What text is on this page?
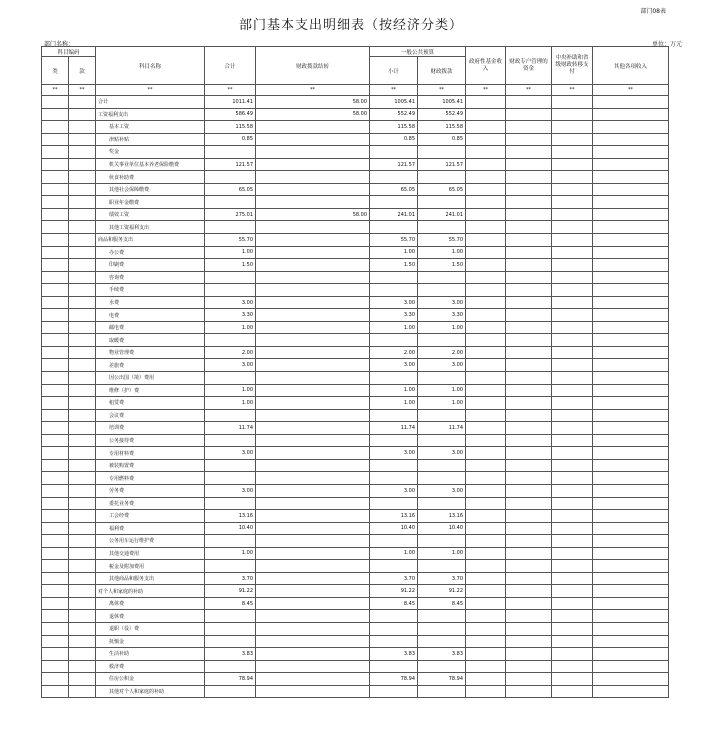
部门08表
部门基本支出明细表（按经济分类）
部门名称：	单位：万元
科目编码		科目名称	合计	财政拨款结转	一般公共预算		政府性基金收入	财政专户管理的资金	中央补助和省级财政转移支付	其他各项收入
类	款				小计	财政拨款				

**	**	**	**	**	**	**	**	**	**	**
		合计	1011.41	58.00	1005.41	1005.41				
		工资福利支出	586.49	58.00	552.49	552.49				
		基本工资	115.58		115.58	115.58				
		津贴补贴	0.85		0.85	0.85				
		奖金								
		机关事业单位基本养老保险缴费	121.57		121.57	121.57				
		伙食补助费								
		其他社会保障缴费	65.05		65.05	65.05				
		职业年金缴费								
		绩效工资	275.01	58.00	241.01	241.01				
		其他工资福利支出								
		商品和服务支出	55.70		55.70	55.70				
		办公费	1.00		1.00	1.00				
		印刷费	1.50		1.50	1.50				
		咨询费								
		手续费								
		水费	3.00		3.00	3.00				
		电费	3.30		3.30	3.30				
		邮电费	1.00		1.00	1.00				
		取暖费								
		物业管理费	2.00		2.00	2.00				
		差旅费	3.00		3.00	3.00				
		因公出国（境）费用								
		维修（护）费	1.00		1.00	1.00				
		租赁费	1.00		1.00	1.00				
		会议费								
		培训费	11.74		11.74	11.74				
		公务接待费								
		专用材料费	3.00		3.00	3.00				
		被装购置费								
		专用燃料费								
		劳务费	3.00		3.00	3.00				
		委托业务费								
		工会经费	13.16		13.16	13.16				
		福利费	10.40		10.40	10.40				
		公务用车运行维护费								
		其他交通费用	1.00		1.00	1.00				
		税金及附加费用								
		其他商品和服务支出	3.70		3.70	3.70				
		对个人和家庭的补助	91.22		91.22	91.22				
		离休费	8.45		8.45	8.45				
		退休费								
		退职（役）费								
		抚恤金								
		生活补助	3.83		3.83	3.83				
		救济费								
		住房公积金	78.94		78.94	78.94				
		其他对个人和家庭的补助								
